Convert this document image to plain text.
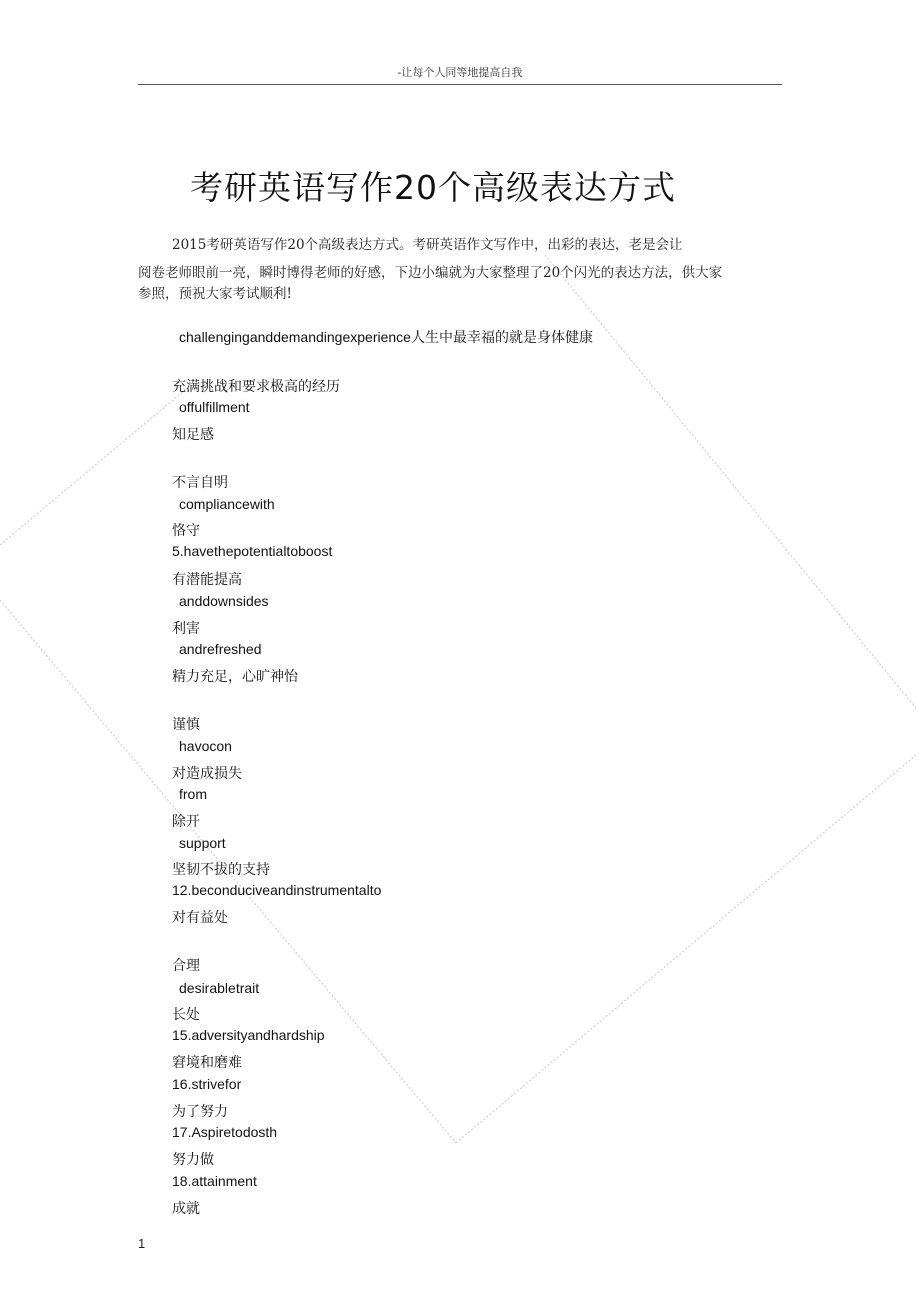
-让每个人同等地提高自我
考研英语写作20个高级表达方式
2015考研英语写作20个高级表达方式。考研英语作文写作中，出彩的表达，老是会让
阅卷老师眼前一亮，瞬时博得老师的好感，下边小编就为大家整理了20个闪光的表达方法，供大家
参照，预祝大家考试顺利!
challenginganddemandingexperience人生中最幸福的就是身体健康
充满挑战和要求极高的经历
offulfillment
知足感
不言自明
compliancewith
恪守
5.havethepotentialtoboost
有潜能提高
anddownsides
利害
andrefreshed
精力充足，心旷神怡
谨慎
havocon
对造成损失
from
除开
support
坚韧不拔的支持
12.beconduciveandinstrumentalto
对有益处
合理
desirabletrait
长处
15.adversityandhardship
窘境和磨难
16.strivefor
为了努力
17.Aspiretodosth
努力做
18.attainment
成就
1
